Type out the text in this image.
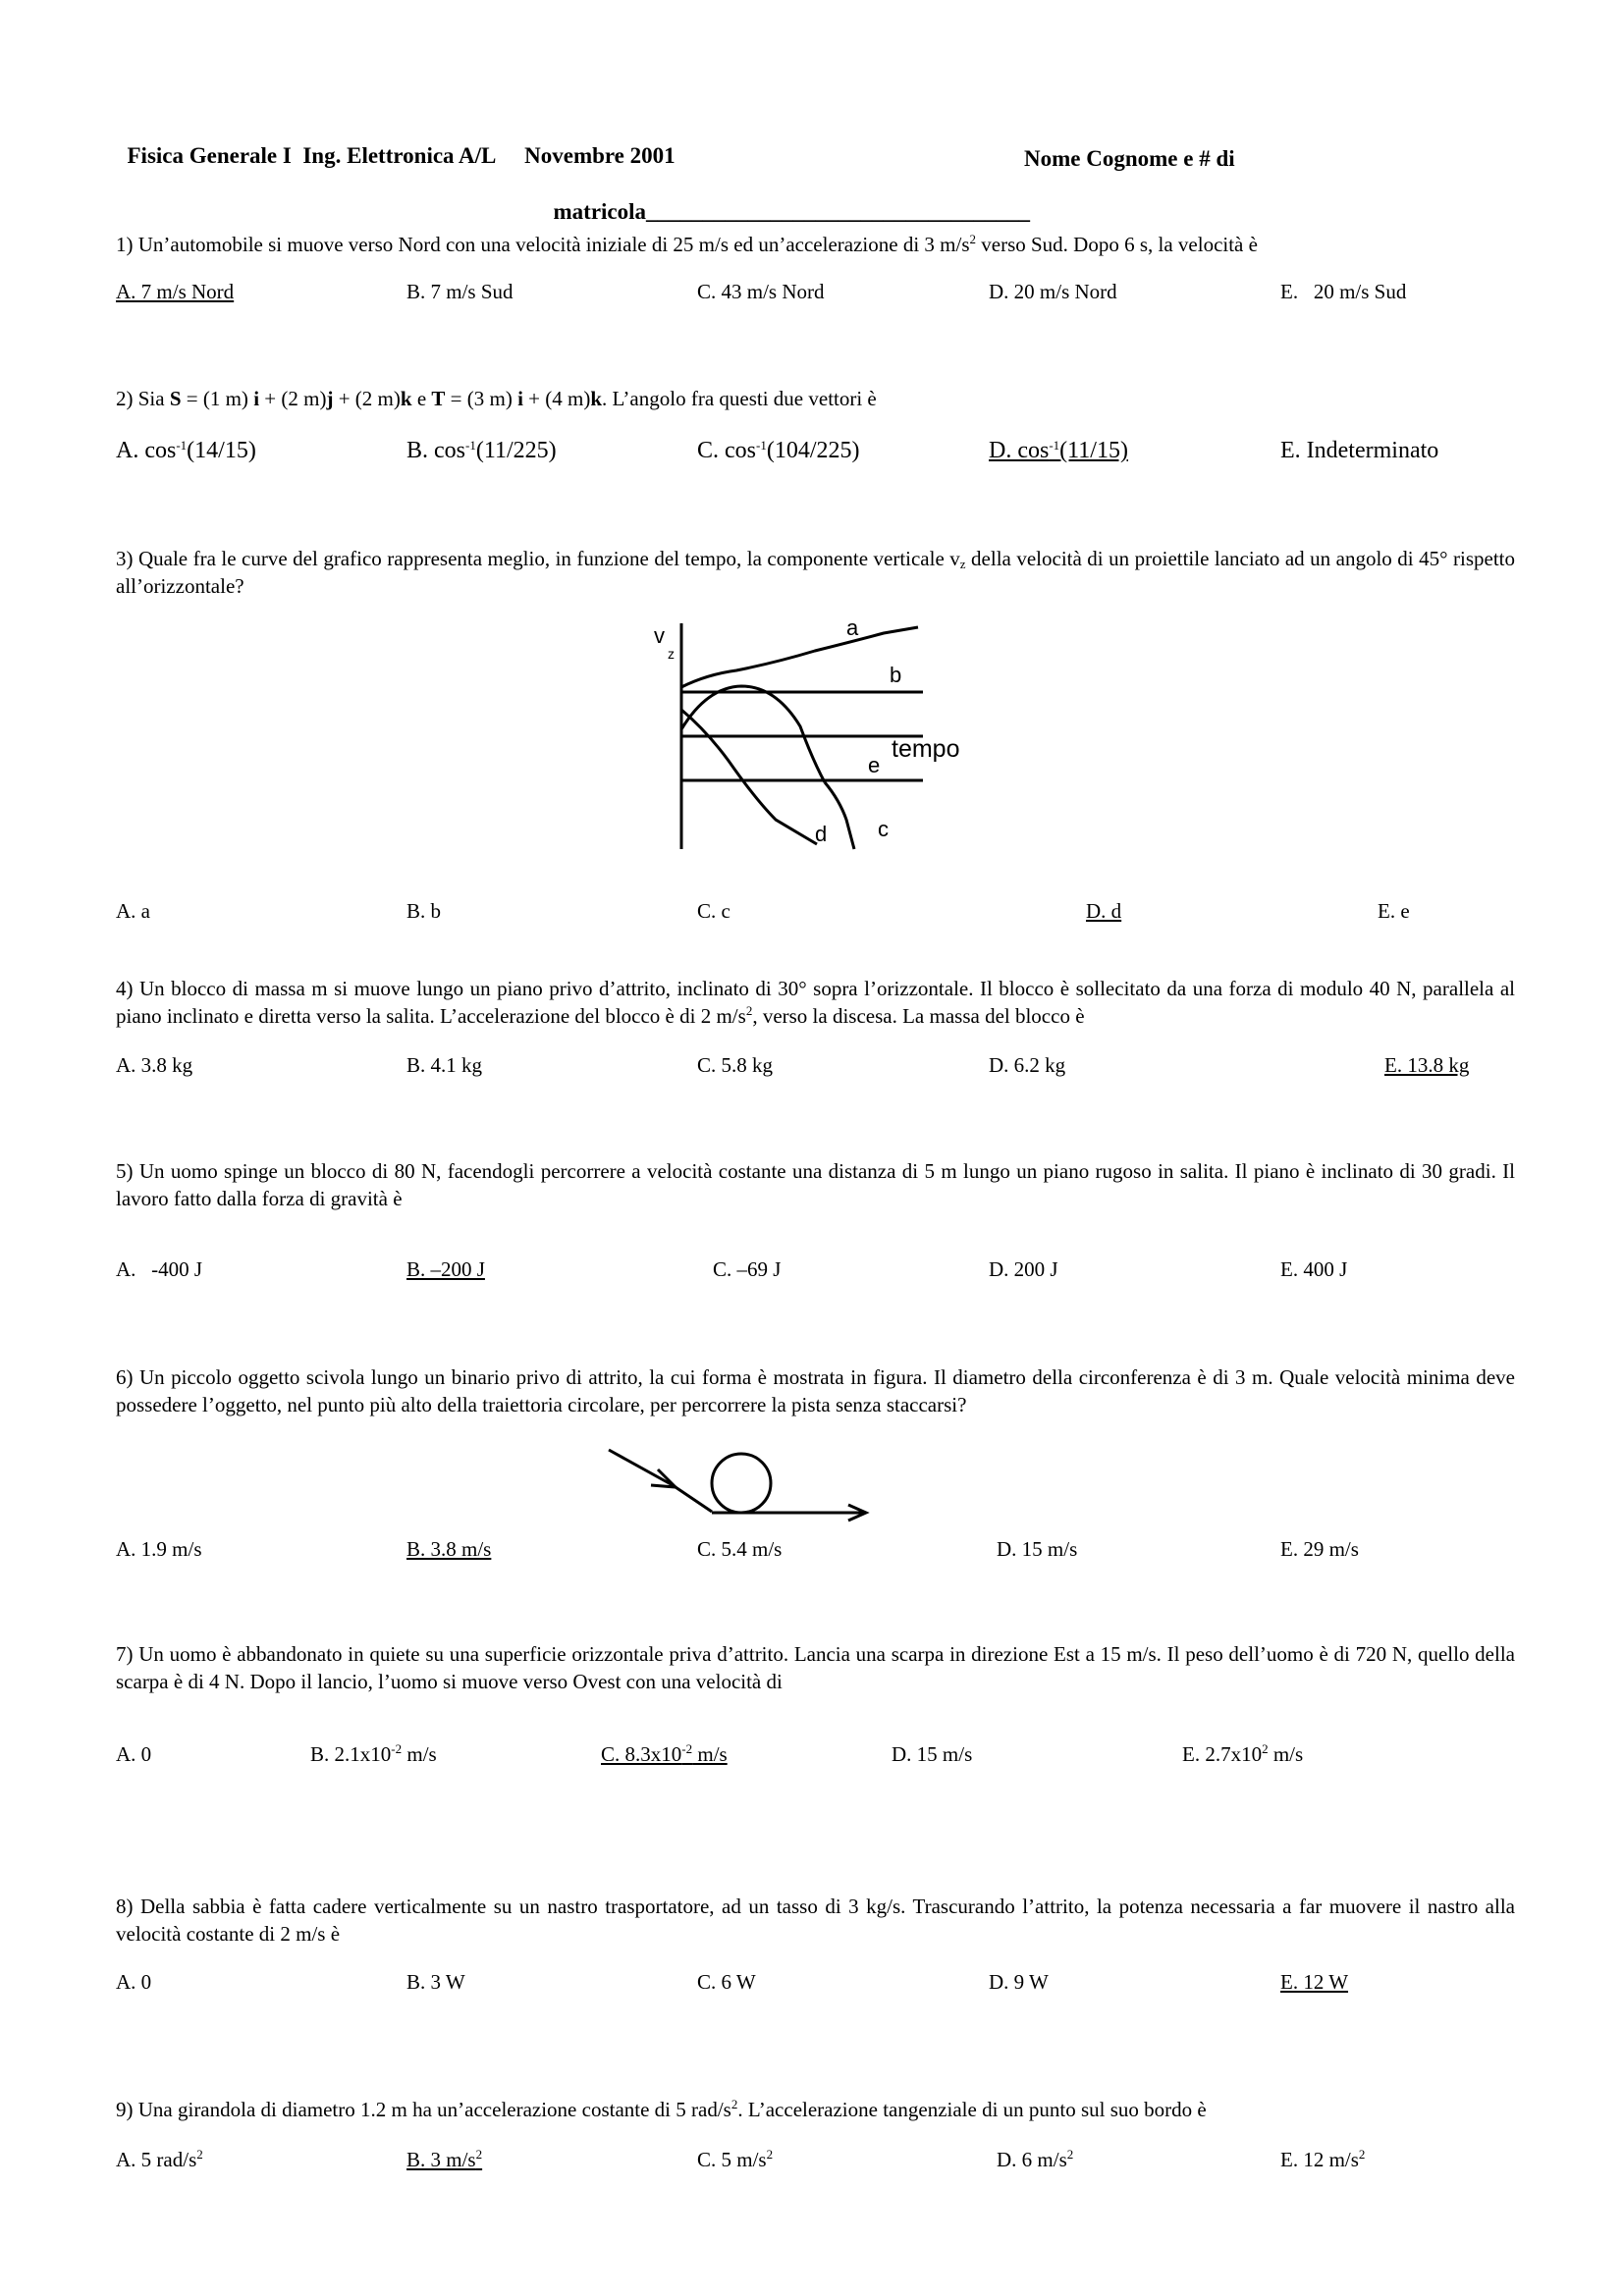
Fisica Generale I Ing. Elettronica A/L Novembre 2001	Nome Cognome e # di

matricola__________________________________

1) Un’automobile si muove verso Nord con una velocità iniziale di 25 m/s ed un’accelerazione di 3 $m/s^2$ verso Sud. Dopo 6 s, la velocità è
A. 7 m/s Nord	B. 7 m/s Sud	C. 43 m/s Nord	D. 20 m/s Nord	E.   20 m/s Sud
2) Sia S = (1 m) i + (2 m)j + (2 m)k e T = (3 m) i + (4 m)k. L’angolo fra questi due vettori è
A. $\cos^{-1}(14/15)$	B. $\cos^{-1}(11/225)$	C. $\cos^{-1}(104/225)$	D. $\cos^{-1}(11/15)$	E. Indeterminato
3) Quale fra le curve del grafico rappresenta meglio, in funzione del tempo, la componente verticale $v_z$ della velocità di un proiettile lanciato ad un angolo di 45° rispetto all’orizzontale?
v
z
tempo
a
b
c
d
e
A. a	B. b	C. c	D. d	E. e
4) Un blocco di massa m si muove lungo un piano privo d’attrito, inclinato di 30° sopra l’orizzontale. Il blocco è sollecitato da una forza di modulo 40 N, parallela al piano inclinato e diretta verso la salita. L’accelerazione del blocco è di 2 $m/s^2$, verso la discesa. La massa del blocco è
A. 3.8 kg	B. 4.1 kg	C. 5.8 kg	D. 6.2 kg	E. 13.8 kg
5) Un uomo spinge un blocco di 80 N, facendogli percorrere a velocità costante una distanza di 5 m lungo un piano rugoso in salita. Il piano è inclinato di 30 gradi. Il lavoro fatto dalla forza di gravità è
A.   -400 J	B. –200 J	C. –69 J	D. 200 J	E. 400 J
6) Un piccolo oggetto scivola lungo un binario privo di attrito, la cui forma è mostrata in figura. Il diametro della circonferenza è di 3 m. Quale velocità minima deve possedere l’oggetto, nel punto più alto della traiettoria circolare, per percorrere la pista senza staccarsi?
A. 1.9 m/s	B. 3.8 m/s	C. 5.4 m/s	D. 15 m/s	E. 29 m/s
7) Un uomo è abbandonato in quiete su una superficie orizzontale priva d’attrito. Lancia una scarpa in direzione Est a 15 m/s. Il peso dell’uomo è di 720 N, quello della scarpa è di 4 N. Dopo il lancio, l’uomo si muove verso Ovest con una velocità di
A. 0	B. $2.1x10^{-2}$ m/s	C. $8.3x10^{-2}$ m/s	D. 15 m/s	E. $2.7x10^2$ m/s
8) Della sabbia è fatta cadere verticalmente su un nastro trasportatore, ad un tasso di 3 kg/s. Trascurando l’attrito, la potenza necessaria a far muovere il nastro alla velocità costante di 2 m/s è
A. 0	B. 3 W	C. 6 W	D. 9 W	E. 12 W
9) Una girandola di diametro 1.2 m ha un’accelerazione costante di 5 rad/$s^2$. L’accelerazione tangenziale di un punto sul suo bordo è
A. 5 rad/$s^2$	B. 3 $m/s^2$	C. 5 $m/s^2$	D. 6 $m/s^2$	E. 12 $m/s^2$
